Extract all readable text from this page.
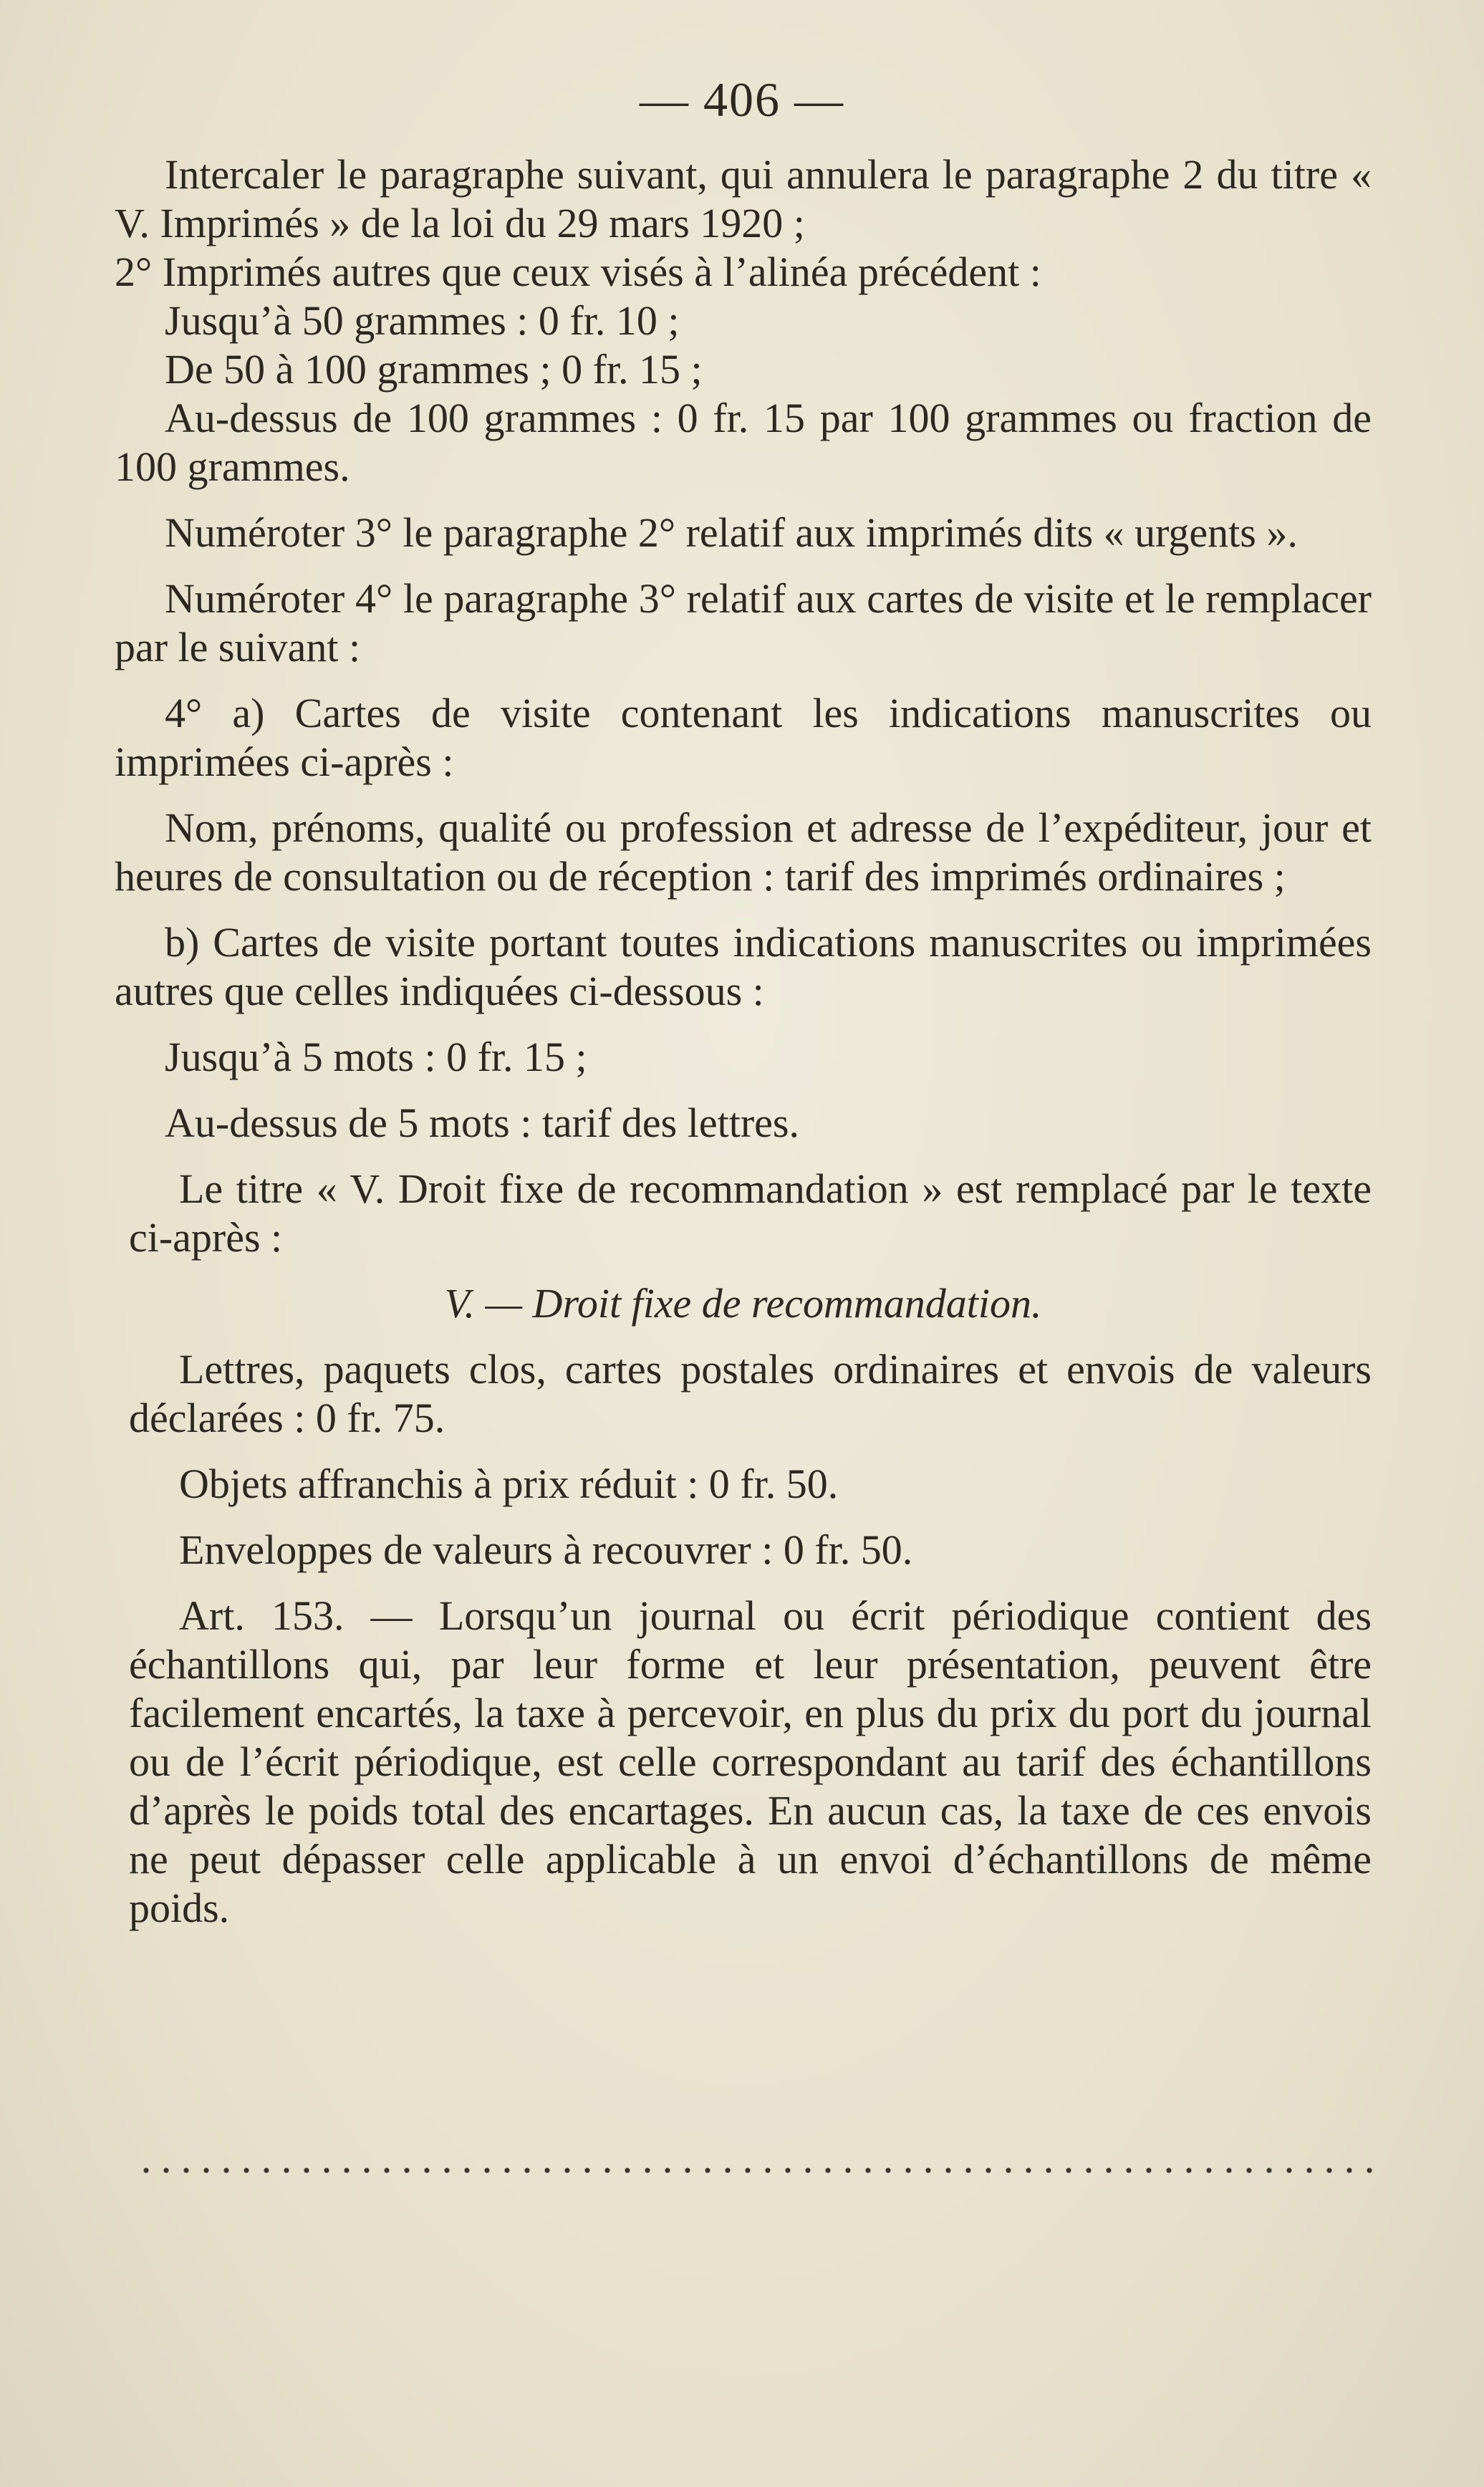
— 406 —

Intercaler le paragraphe suivant, qui annulera le paragraphe 2 du titre « V. Imprimés » de la loi du 29 mars 1920 ;

2° Imprimés autres que ceux visés à l’alinéa précédent :

Jusqu’à 50 grammes : 0 fr. 10 ;

De 50 à 100 grammes ; 0 fr. 15 ;

Au-dessus de 100 grammes : 0 fr. 15 par 100 grammes ou fraction de 100 grammes.

Numéroter 3° le paragraphe 2° relatif aux imprimés dits « urgents ».

Numéroter 4° le paragraphe 3° relatif aux cartes de visite et le remplacer par le suivant :

4° a) Cartes de visite contenant les indications manuscrites ou imprimées ci-après :

Nom, prénoms, qualité ou profession et adresse de l’expéditeur, jour et heures de consultation ou de réception : tarif des imprimés ordinaires ;

b) Cartes de visite portant toutes indications manuscrites ou imprimées autres que celles indiquées ci-dessous :

Jusqu’à 5 mots : 0 fr. 15 ;

Au-dessus de 5 mots : tarif des lettres.

Le titre « V. Droit fixe de recommandation » est remplacé par le texte ci-après :

V. — Droit fixe de recommandation.

Lettres, paquets clos, cartes postales ordinaires et envois de valeurs déclarées : 0 fr. 75.

Objets affranchis à prix réduit : 0 fr. 50.

Enveloppes de valeurs à recouvrer : 0 fr. 50.

Art. 153. — Lorsqu’un journal ou écrit périodique contient des échantillons qui, par leur forme et leur présentation, peuvent être facilement encartés, la taxe à percevoir, en plus du prix du port du journal ou de l’écrit périodique, est celle correspondant au tarif des échantillons d’après le poids total des encartages. En aucun cas, la taxe de ces envois ne peut dépasser celle applicable à un envoi d’échantillons de même poids.
